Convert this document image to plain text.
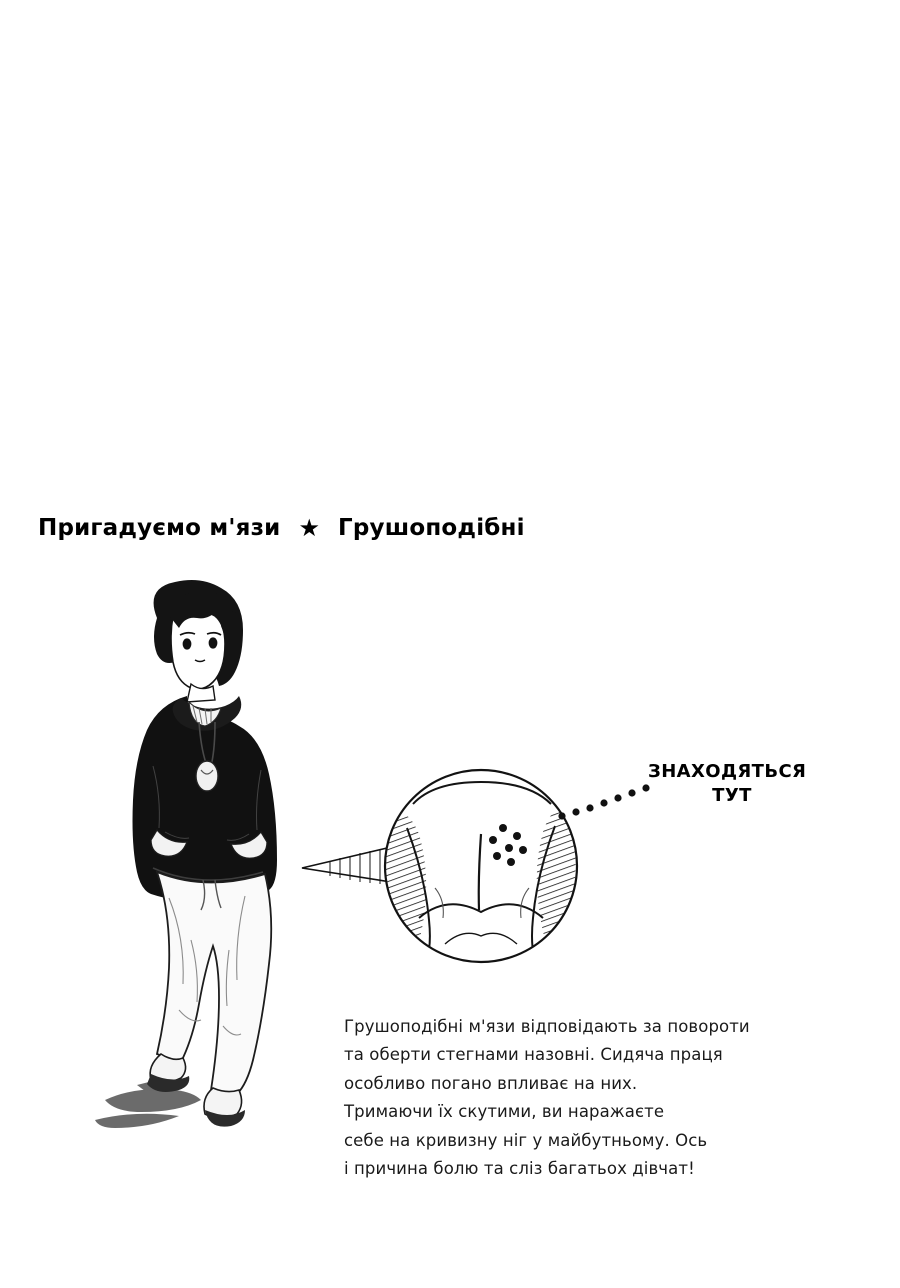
Пригадуємо м'язи ★ Грушоподібні
ЗНАХОДЯТЬСЯ
ТУТ
Грушоподібні м'язи відповідають за повороти
та оберти стегнами назовні. Сидяча праця
особливо погано впливає на них.
Тримаючи їх скутими, ви наражаєте
себе на кривизну ніг у майбутньому. Ось
і причина болю та сліз багатьох дівчат!
